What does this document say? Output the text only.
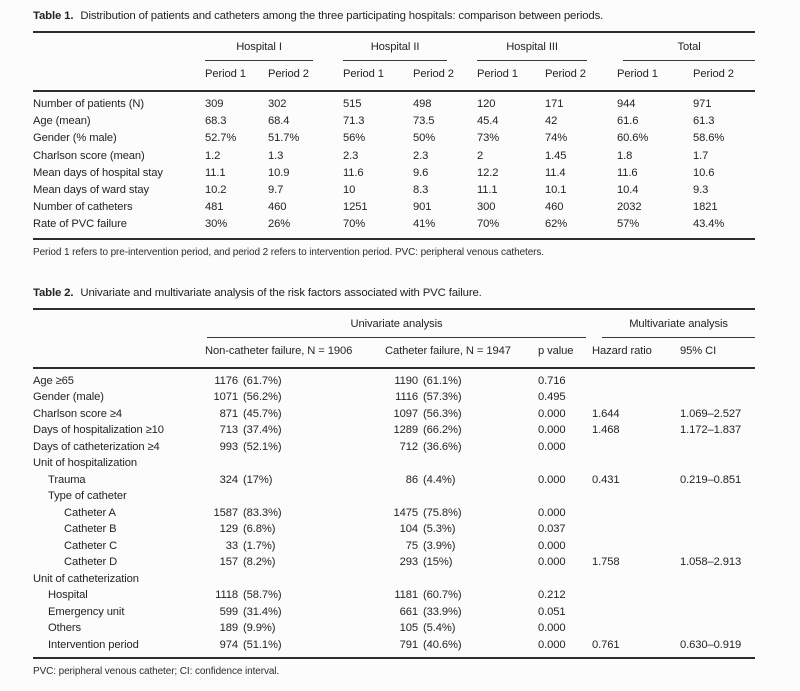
Table 1. Distribution of patients and catheters among the three participating hospitals: comparison between periods.

	Hospital I		Hospital II		Hospital III		Total	

	Period 1	Period 2	Period 1	Period 2	Period 1	Period 2	Period 1	Period 2
Number of patients (N)	309	302	515	498	120	171	944	971
Age (mean)	68.3	68.4	71.3	73.5	45.4	42	61.6	61.3
Gender (% male)	52.7%	51.7%	56%	50%	73%	74%	60.6%	58.6%
Charlson score (mean)	1.2	1.3	2.3	2.3	2	1.45	1.8	1.7
Mean days of hospital stay	11.1	10.9	11.6	9.6	12.2	11.4	11.6	10.6
Mean days of ward stay	10.2	9.7	10	8.3	11.1	10.1	10.4	9.3
Number of catheters	481	460	1251	901	300	460	2032	1821
Rate of PVC failure	30%	26%	70%	41%	70%	62%	57%	43.4%

Period 1 refers to pre-intervention period, and period 2 refers to intervention period. PVC: peripheral venous catheters.

Table 2. Univariate and multivariate analysis of the risk factors associated with PVC failure.

	Univariate analysis			Multivariate analysis	

	Non-catheter failure, N = 1906	Catheter failure, N = 1947	p value	Hazard ratio	95% CI
Age ≥65	1176 (61.7%)	1190 (61.1%)	0.716		
Gender (male)	1071 (56.2%)	1116 (57.3%)	0.495		
Charlson score ≥4	871 (45.7%)	1097 (56.3%)	0.000	1.644	1.069–2.527
Days of hospitalization ≥10	713 (37.4%)	1289 (66.2%)	0.000	1.468	1.172–1.837
Days of catheterization ≥4	993 (52.1%)	712 (36.6%)	0.000		
Unit of hospitalization					
Trauma	324 (17%)	86 (4.4%)	0.000	0.431	0.219–0.851
Type of catheter					
Catheter A	1587 (83.3%)	1475 (75.8%)	0.000		
Catheter B	129 (6.8%)	104 (5.3%)	0.037		
Catheter C	33 (1.7%)	75 (3.9%)	0.000		
Catheter D	157 (8.2%)	293 (15%)	0.000	1.758	1.058–2.913
Unit of catheterization					
Hospital	1118 (58.7%)	1181 (60.7%)	0.212		
Emergency unit	599 (31.4%)	661 (33.9%)	0.051		
Others	189 (9.9%)	105 (5.4%)	0.000		
Intervention period	974 (51.1%)	791 (40.6%)	0.000	0.761	0.630–0.919

PVC: peripheral venous catheter; CI: confidence interval.
